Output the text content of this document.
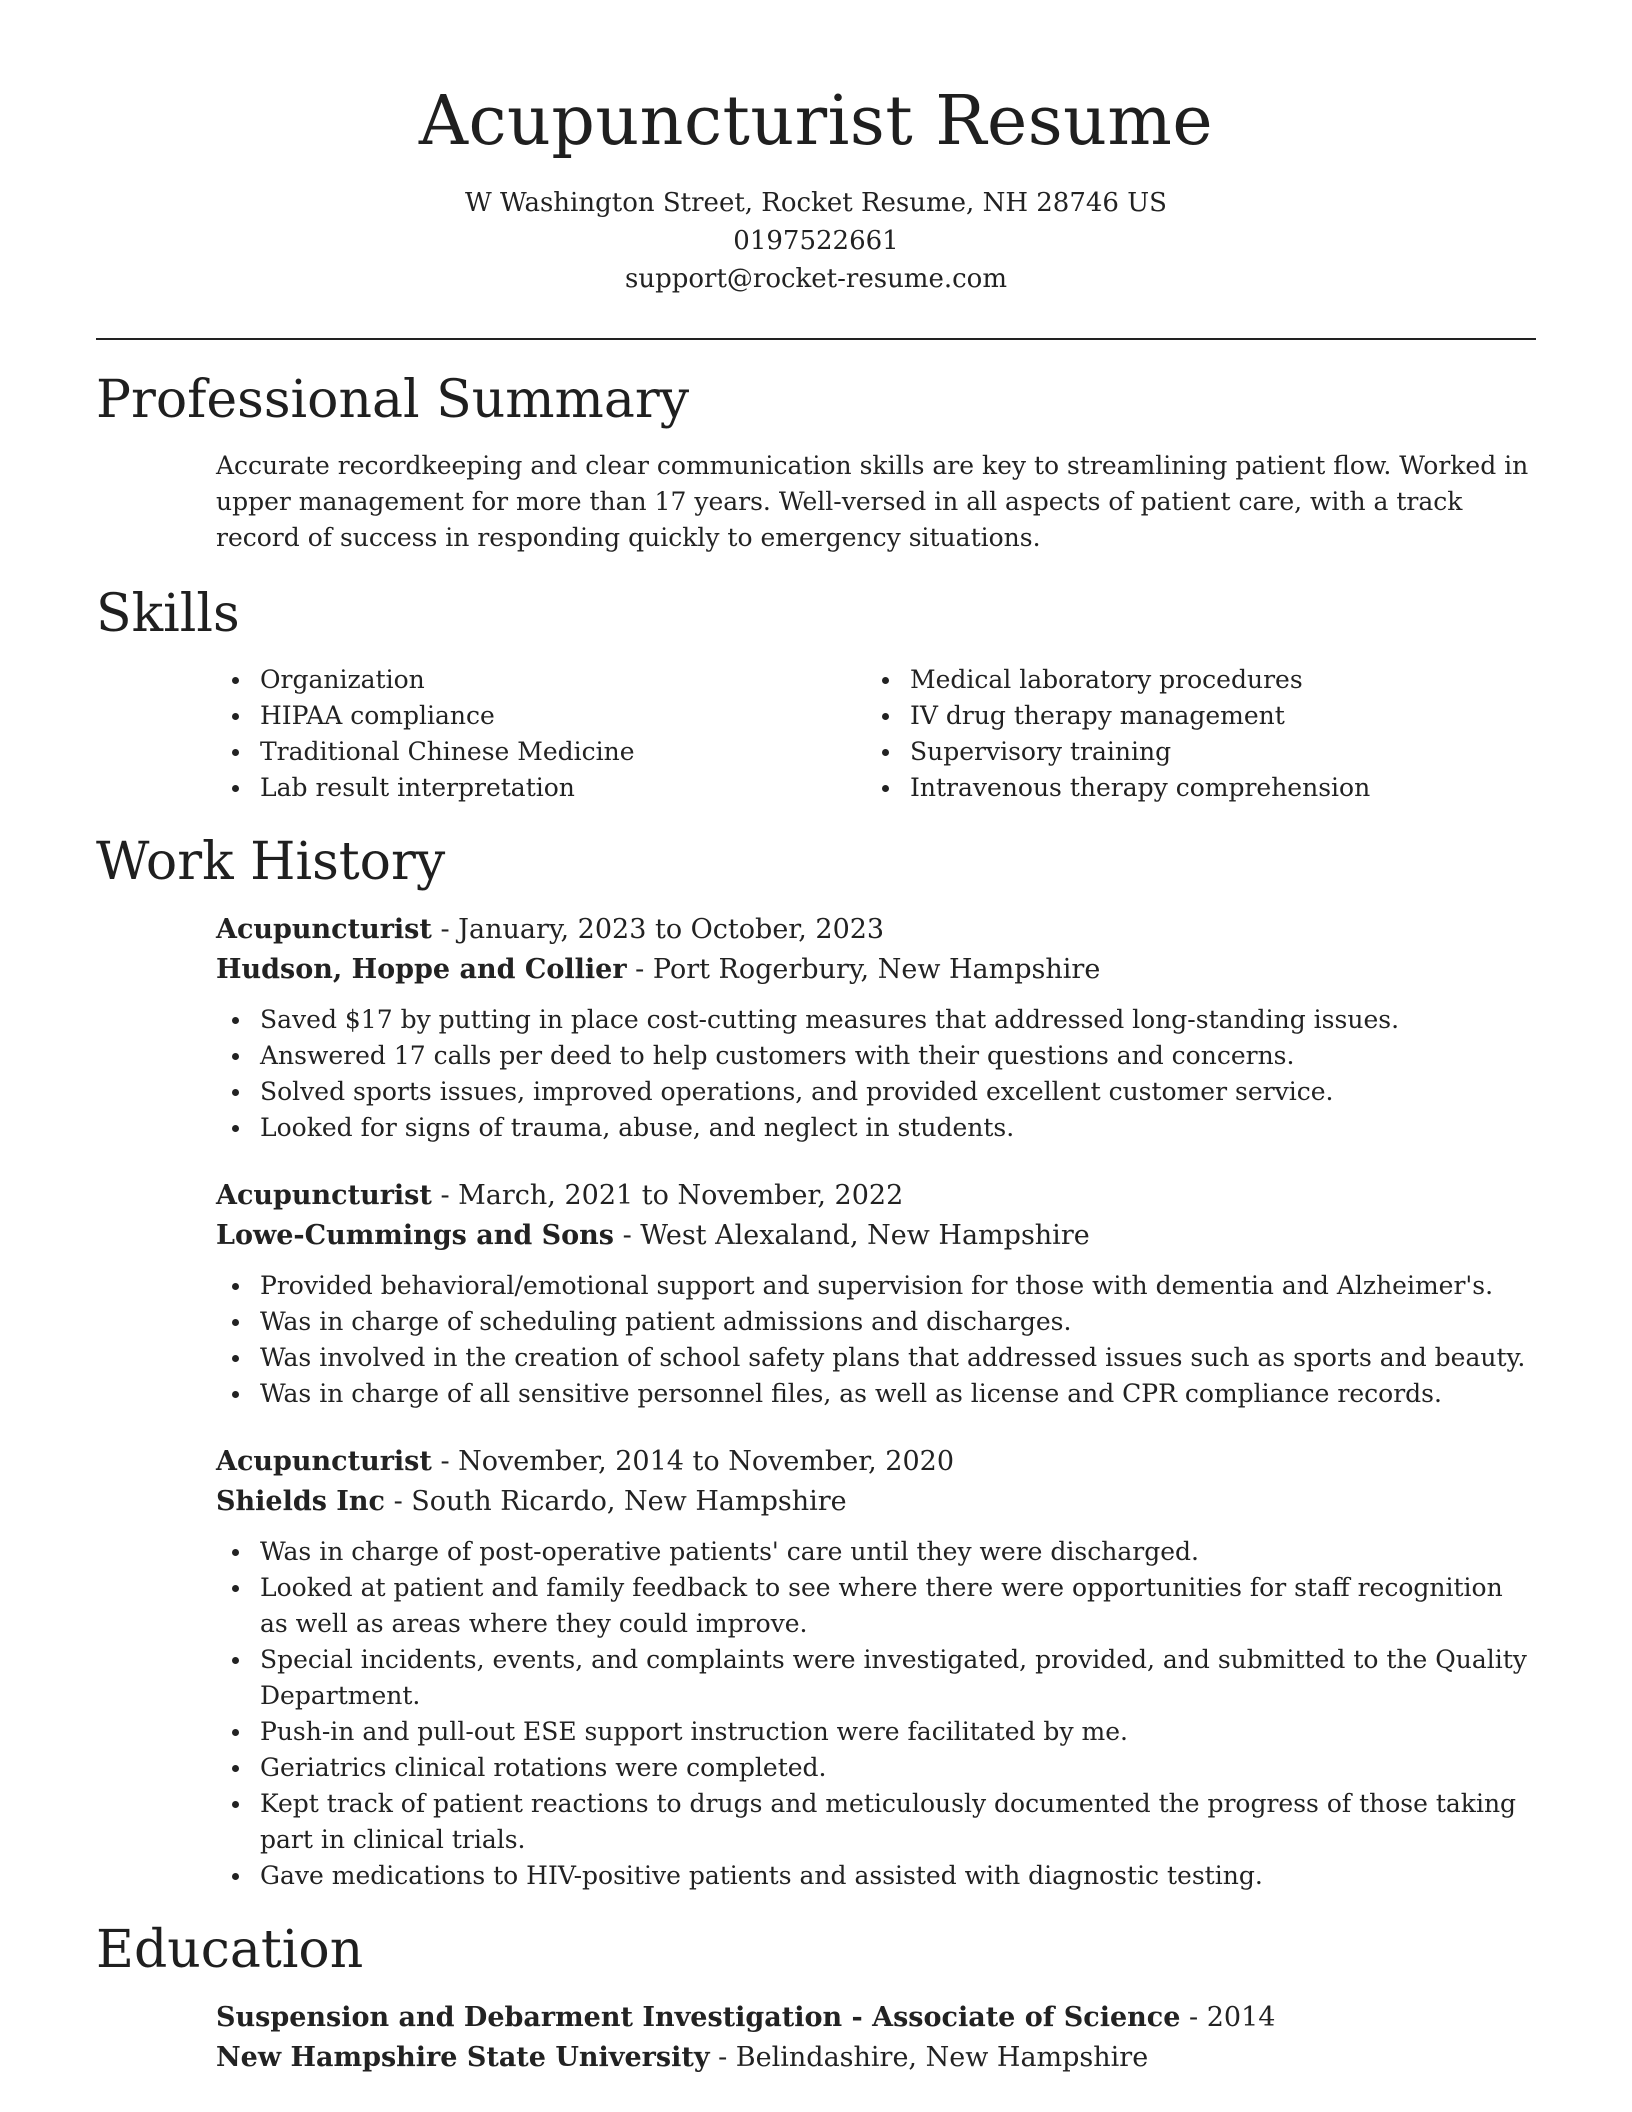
Acupuncturist Resume
W Washington Street, Rocket Resume, NH 28746 US
0197522661
support@rocket-resume.com
Professional Summary
Accurate recordkeeping and clear communication skills are key to streamlining patient flow. Worked in upper management for more than 17 years. Well-versed in all aspects of patient care, with a track record of success in responding quickly to emergency situations.
Skills
Organization
HIPAA compliance
Traditional Chinese Medicine
Lab result interpretation
Medical laboratory procedures
IV drug therapy management
Supervisory training
Intravenous therapy comprehension
Work History
Acupuncturist - January, 2023 to October, 2023
Hudson, Hoppe and Collier - Port Rogerbury, New Hampshire
Saved $17 by putting in place cost-cutting measures that addressed long-standing issues.
Answered 17 calls per deed to help customers with their questions and concerns.
Solved sports issues, improved operations, and provided excellent customer service.
Looked for signs of trauma, abuse, and neglect in students.
Acupuncturist - March, 2021 to November, 2022
Lowe-Cummings and Sons - West Alexaland, New Hampshire
Provided behavioral/emotional support and supervision for those with dementia and Alzheimer's.
Was in charge of scheduling patient admissions and discharges.
Was involved in the creation of school safety plans that addressed issues such as sports and beauty.
Was in charge of all sensitive personnel files, as well as license and CPR compliance records.
Acupuncturist - November, 2014 to November, 2020
Shields Inc - South Ricardo, New Hampshire
Was in charge of post-operative patients' care until they were discharged.
Looked at patient and family feedback to see where there were opportunities for staff recognition as well as areas where they could improve.
Special incidents, events, and complaints were investigated, provided, and submitted to the Quality Department.
Push-in and pull-out ESE support instruction were facilitated by me.
Geriatrics clinical rotations were completed.
Kept track of patient reactions to drugs and meticulously documented the progress of those taking part in clinical trials.
Gave medications to HIV-positive patients and assisted with diagnostic testing.
Education
Suspension and Debarment Investigation - Associate of Science - 2014
New Hampshire State University - Belindashire, New Hampshire
